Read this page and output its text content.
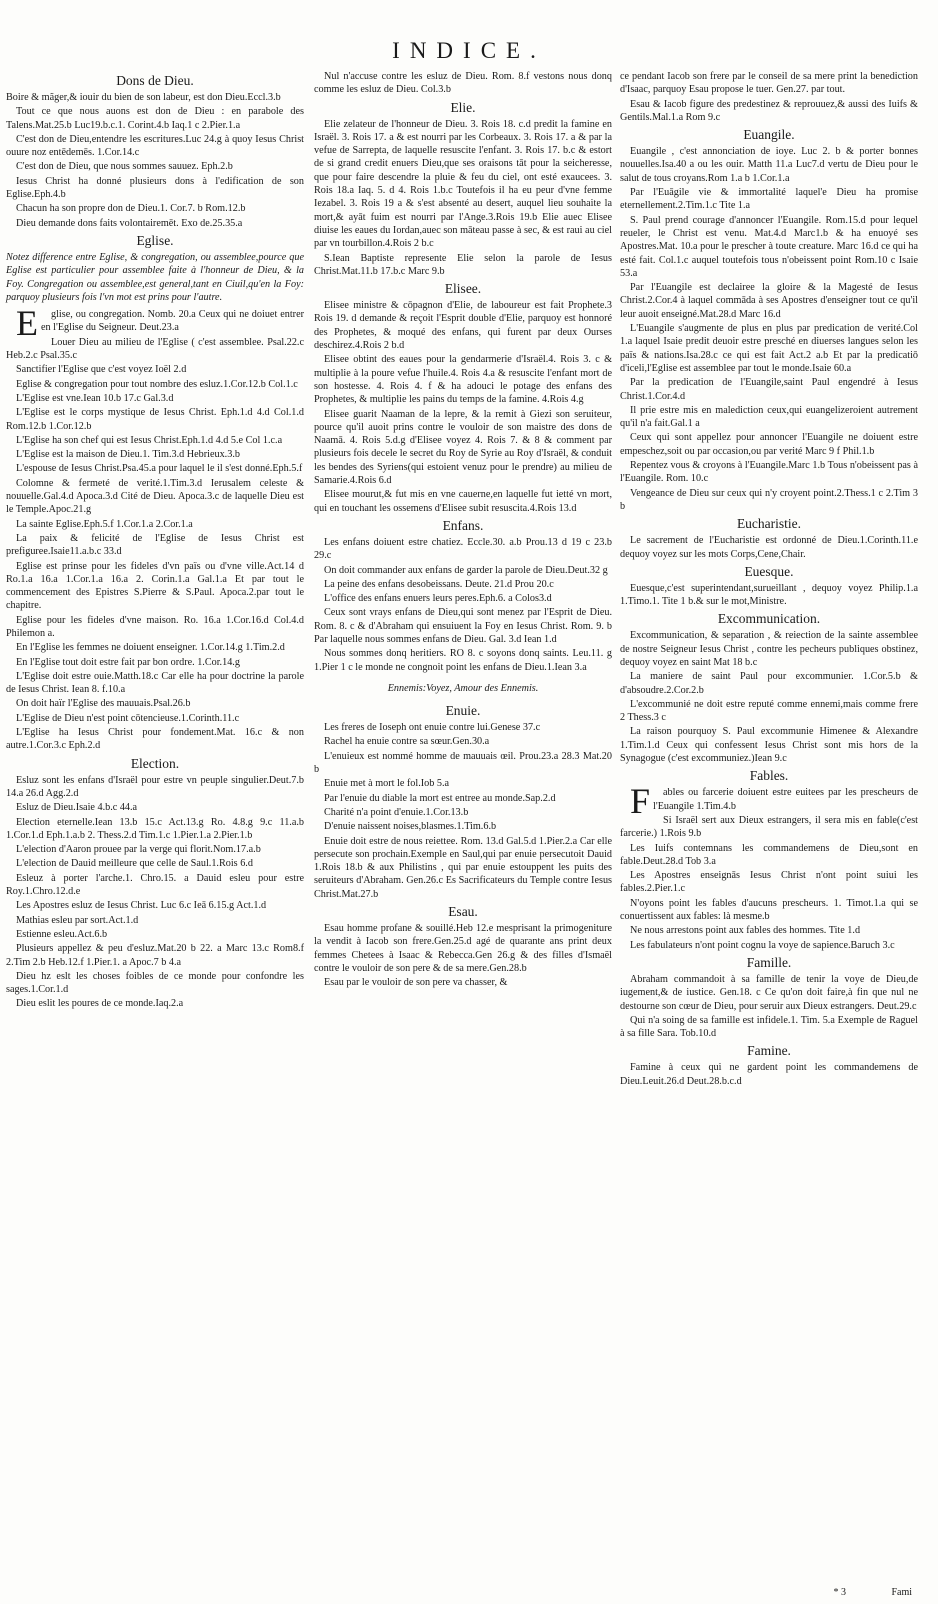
INDICE.
Dons de Dieu.

Boire & mãger,& iouir du bien de son labeur, est don Dieu.Eccl.3.b

Tout ce que nous auons est don de Dieu : en parabole des Talens.Mat.25.b Luc19.b.c.1. Corint.4.b Iaq.1 c 2.Pier.1.a

C'est don de Dieu,entendre les escritures.Luc 24.g à quoy Iesus Christ ouure noz entēdemēs. 1.Cor.14.c

C'est don de Dieu, que nous sommes sauuez. Eph.2.b

Iesus Christ ha donné plusieurs dons à l'edification de son Eglise.Eph.4.b

Chacun ha son propre don de Dieu.1. Cor.7. b Rom.12.b

Dieu demande dons faits volontairemēt. Exo de.25.35.a

Eglise.

Notez difference entre Eglise, & congregation, ou assemblee,pource que Eglise est particulier pour assemblee faite à l'honneur de Dieu, & la Foy. Congregation ou assemblee,est general,tant en Ciuil,qu'en la Foy: parquoy plusieurs fois l'vn mot est prins pour l'autre.

Eglise, ou congregation. Nomb. 20.a Ceux qui ne doiuet entrer en l'Eglise du Seigneur. Deut.23.a

Louer Dieu au milieu de l'Eglise ( c'est assemblee. Psal.22.c Heb.2.c Psal.35.c

Sanctifier l'Eglise que c'est voyez Ioël 2.d

Eglise & congregation pour tout nombre des esluz.1.Cor.12.b Col.1.c

L'Eglise est vne.Iean 10.b 17.c Gal.3.d

L'Eglise est le corps mystique de Iesus Christ. Eph.1.d 4.d Col.1.d Rom.12.b 1.Cor.12.b

L'Eglise ha son chef qui est Iesus Christ.Eph.1.d 4.d 5.e Col 1.c.a

L'Eglise est la maison de Dieu.1. Tim.3.d Hebrieux.3.b

L'espouse de Iesus Christ.Psa.45.a pour laquel le il s'est donné.Eph.5.f

Colomne & fermeté de verité.1.Tim.3.d Ierusalem celeste & nouuelle.Gal.4.d Apoca.3.d Cité de Dieu. Apoca.3.c de laquelle Dieu est le Temple.Apoc.21.g

La sainte Eglise.Eph.5.f 1.Cor.1.a 2.Cor.1.a

La paix & felicité de l'Eglise de Iesus Christ est prefiguree.Isaie11.a.b.c 33.d

Eglise est prinse pour les fideles d'vn païs ou d'vne ville.Act.14 d Ro.1.a 16.a 1.Cor.1.a 16.a 2. Corin.1.a Gal.1.a Et par tout le commencement des Epistres S.Pierre & S.Paul. Apoca.2.par tout le chapitre.

Eglise pour les fideles d'vne maison. Ro. 16.a 1.Cor.16.d Col.4.d Philemon a.

En l'Eglise les femmes ne doiuent enseigner. 1.Cor.14.g 1.Tim.2.d

En l'Eglise tout doit estre fait par bon ordre. 1.Cor.14.g

L'Eglise doit estre ouie.Matth.18.c Car elle ha pour doctrine la parole de Iesus Christ. Iean 8. f.10.a

On doit haïr l'Eglise des mauuais.Psal.26.b

L'Eglise de Dieu n'est point cōtencieuse.1.Corinth.11.c

L'Eglise ha Iesus Christ pour fondement.Mat. 16.c & non autre.1.Cor.3.c Eph.2.d

Election.

Esluz sont les enfans d'Israël pour estre vn peuple singulier.Deut.7.b 14.a 26.d Agg.2.d

Esluz de Dieu.Isaie 4.b.c 44.a

Election eternelle.Iean 13.b 15.c Act.13.g Ro. 4.8.g 9.c 11.a.b 1.Cor.1.d Eph.1.a.b 2. Thess.2.d Tim.1.c 1.Pier.1.a 2.Pier.1.b

L'election d'Aaron prouee par la verge qui florit.Nom.17.a.b

L'election de Dauid meilleure que celle de Saul.1.Rois 6.d

Esleuz à porter l'arche.1. Chro.15. a Dauid esleu pour estre Roy.1.Chro.12.d.e

Les Apostres esluz de Iesus Christ. Luc 6.c Ieā 6.15.g Act.1.d

Mathias esleu par sort.Act.1.d

Estienne esleu.Act.6.b

Plusieurs appellez & peu d'esluz.Mat.20 b 22. a Marc 13.c Rom8.f 2.Tim 2.b Heb.12.f 1.Pier.1. a Apoc.7 b 4.a

Dieu hz eslt les choses foibles de ce monde pour confondre les sages.1.Cor.1.d

Dieu eslit les poures de ce monde.Iaq.2.a

Nul n'accuse contre les esluz de Dieu. Rom. 8.f vestons nous donq comme les esluz de Dieu. Col.3.b

Elie.

Elie zelateur de l'honneur de Dieu. 3. Rois 18. c.d predit la famine en Israël. 3. Rois 17. a & est nourri par les Corbeaux. 3. Rois 17. a & par la vefue de Sarrepta, de laquelle resuscite l'enfant. 3. Rois 17. b.c & estort de si grand credit enuers Dieu,que ses oraisons tāt pour la seicheresse, que pour faire descendre la pluie & feu du ciel, ont esté exaucees. 3. Rois 18.a Iaq. 5. d 4. Rois 1.b.c Toutefois il ha eu peur d'vne femme Iezabel. 3. Rois 19 a & s'est absenté au desert, auquel lieu souhaite la mort,& ayāt fuim est nourri par l'Ange.3.Rois 19.b Elie auec Elisee diuise les eaues du Iordan,auec son māteau passe à sec, & est raui au ciel par vn tourbillon.4.Rois 2 b.c

S.Iean Baptiste represente Elie selon la parole de Iesus Christ.Mat.11.b 17.b.c Marc 9.b

Elisee.

Elisee ministre & cōpagnon d'Elie, de laboureur est fait Prophete.3 Rois 19. d demande & reçoit l'Esprit double d'Elie, parquoy est honnoré des Prophetes, & moqué des enfans, qui furent par deux Ourses deschirez.4.Rois 2 b.d

Elisee obtint des eaues pour la gendarmerie d'Israël.4. Rois 3. c & multiplie à la poure vefue l'huile.4. Rois 4.a & resuscite l'enfant mort de son hostesse. 4. Rois 4. f & ha adouci le potage des enfans des Prophetes, & multiplie les pains du temps de la famine. 4.Rois 4.g

Elisee guarit Naaman de la lepre, & la remit à Giezi son seruiteur, pource qu'il auoit prins contre le vouloir de son maistre des dons de Naamā. 4. Rois 5.d.g d'Elisee voyez 4. Rois 7. & 8 & comment par plusieurs fois decele le secret du Roy de Syrie au Roy d'Israël, & conduit les bendes des Syriens(qui estoient venuz pour le prendre) au milieu de Samarie.4.Rois 6.d

Elisee mourut,& fut mis en vne cauerne,en laquelle fut ietté vn mort, qui en touchant les ossemens d'Elisee subit resuscita.4.Rois 13.d

Enfans.

Les enfans doiuent estre chatiez. Eccle.30. a.b Prou.13 d 19 c 23.b 29.c

On doit commander aux enfans de garder la parole de Dieu.Deut.32 g

La peine des enfans desobeissans. Deute. 21.d Prou 20.c

L'office des enfans enuers leurs peres.Eph.6. a Colos3.d

Ceux sont vrays enfans de Dieu,qui sont menez par l'Esprit de Dieu. Rom. 8. c & d'Abraham qui ensuiuent la Foy en Iesus Christ. Rom. 9. b Par laquelle nous sommes enfans de Dieu. Gal. 3.d Iean 1.d

Nous sommes donq heritiers. RO 8. c soyons donq saints. Leu.11. g 1.Pier 1 c le monde ne congnoit point les enfans de Dieu.1.Iean 3.a

Ennemis:Voyez, Amour des Ennemis.

Enuie.

Les freres de Ioseph ont enuie contre lui.Genese 37.c

Rachel ha enuie contre sa sœur.Gen.30.a

L'enuieux est nommé homme de mauuais œil. Prou.23.a 28.3 Mat.20 b

Enuie met à mort le fol.Iob 5.a

Par l'enuie du diable la mort est entree au monde.Sap.2.d

Charité n'a point d'enuie.1.Cor.13.b

D'enuie naissent noises,blasmes.1.Tim.6.b

Enuie doit estre de nous reiettee. Rom. 13.d Gal.5.d 1.Pier.2.a Car elle persecute son prochain.Exemple en Saul,qui par enuie persecutoit Dauid 1.Rois 18.b & aux Philistins , qui par enuie estouppent les puits des seruiteurs d'Abraham. Gen.26.c Es Sacrificateurs du Temple contre Iesus Christ.Mat.27.b

Esau.

Esau homme profane & souillé.Heb 12.e mesprisant la primogeniture la vendit à Iacob son frere.Gen.25.d agé de quarante ans print deux femmes Chetees à Isaac & Rebecca.Gen 26.g & des filles d'Ismaël contre le vouloir de son pere & de sa mere.Gen.28.b

Esau par le vouloir de son pere va chasser, &

ce pendant Iacob son frere par le conseil de sa mere print la benediction d'Isaac, parquoy Esau propose le tuer. Gen.27. par tout.

Esau & Iacob figure des predestinez & reprouuez,& aussi des Iuifs & Gentils.Mal.1.a Rom 9.c

Euangile.

Euangile , c'est annonciation de ioye. Luc 2. b & porter bonnes nouuelles.Isa.40 a ou les ouir. Matth 11.a Luc7.d vertu de Dieu pour le salut de tous croyans.Rom 1.a b 1.Cor.1.a

Par l'Euāgile vie & immortalité laquel'e Dieu ha promise eternellement.2.Tim.1.c Tite 1.a

S. Paul prend courage d'annoncer l'Euangile. Rom.15.d pour lequel reueler, le Christ est venu. Mat.4.d Marc1.b & ha enuoyé ses Apostres.Mat. 10.a pour le prescher à toute creature. Marc 16.d ce qui ha esté fait. Col.1.c auquel toutefois tous n'obeissent point Rom.10 c Isaie 53.a

Par l'Euangile est declairee la gloire & la Magesté de Iesus Christ.2.Cor.4 à laquel commāda à ses Apostres d'enseigner tout ce qu'il leur auoit enseigné.Mat.28.d Marc 16.d

L'Euangile s'augmente de plus en plus par predication de verité.Col 1.a laquel Isaie predit deuoir estre presché en diuerses langues selon les païs & nations.Isa.28.c ce qui est fait Act.2 a.b Et par la predicatiō d'iceli,l'Eglise est assemblee par tout le monde.Isaie 60.a

Par la predication de l'Euangile,saint Paul engendré à Iesus Christ.1.Cor.4.d

Il prie estre mis en malediction ceux,qui euangelizeroient autrement qu'il n'a fait.Gal.1 a

Ceux qui sont appellez pour annoncer l'Euangile ne doiuent estre empeschez,soit ou par occasion,ou par verité Marc 9 f Phil.1.b

Repentez vous & croyons à l'Euangile.Marc 1.b Tous n'obeissent pas à l'Euangile. Rom. 10.c

Vengeance de Dieu sur ceux qui n'y croyent point.2.Thess.1 c 2.Tim 3 b

Eucharistie.

Le sacrement de l'Eucharistie est ordonné de Dieu.1.Corinth.11.e dequoy voyez sur les mots Corps,Cene,Chair.

Euesque.

Euesque,c'est superintendant,surueillant , dequoy voyez Philip.1.a 1.Timo.1. Tite 1 b.& sur le mot,Ministre.

Excommunication.

Excommunication, & separation , & reiection de la sainte assemblee de nostre Seigneur Iesus Christ , contre les pecheurs publiques obstinez, dequoy voyez en saint Mat 18 b.c

La maniere de saint Paul pour excommunier. 1.Cor.5.b & d'absoudre.2.Cor.2.b

L'excommunié ne doit estre reputé comme ennemi,mais comme frere 2 Thess.3 c

La raison pourquoy S. Paul excommunie Himenee & Alexandre 1.Tim.1.d Ceux qui confessent Iesus Christ sont mis hors de la Synagogue (c'est excommuniez.)Iean 9.c

Fables.

Fables ou farcerie doiuent estre euitees par les prescheurs de l'Euangile 1.Tim.4.b

Si Israël sert aux Dieux estrangers, il sera mis en fable(c'est farcerie.) 1.Rois 9.b

Les Iuifs contemnans les commandemens de Dieu,sont en fable.Deut.28.d Tob 3.a

Les Apostres enseignās Iesus Christ n'ont point suiui les fables.2.Pier.1.c

N'oyons point les fables d'aucuns prescheurs. 1. Timot.1.a qui se conuertissent aux fables: là mesme.b

Ne nous arrestons point aux fables des hommes. Tite 1.d

Les fabulateurs n'ont point cognu la voye de sapience.Baruch 3.c

Famille.

Abraham commandoit à sa famille de tenir la voye de Dieu,de iugement,& de iustice. Gen.18. c Ce qu'on doit faire,à fin que nul ne destourne son cœur de Dieu, pour seruir aux Dieux estrangers. Deut.29.c

Qui n'a soing de sa famille est infidele.1. Tim. 5.a Exemple de Raguel à sa fille Sara. Tob.10.d

Famine.

Famine à ceux qui ne gardent point les commandemens de Dieu.Leuit.26.d Deut.28.b.c.d

* 3	Fami
